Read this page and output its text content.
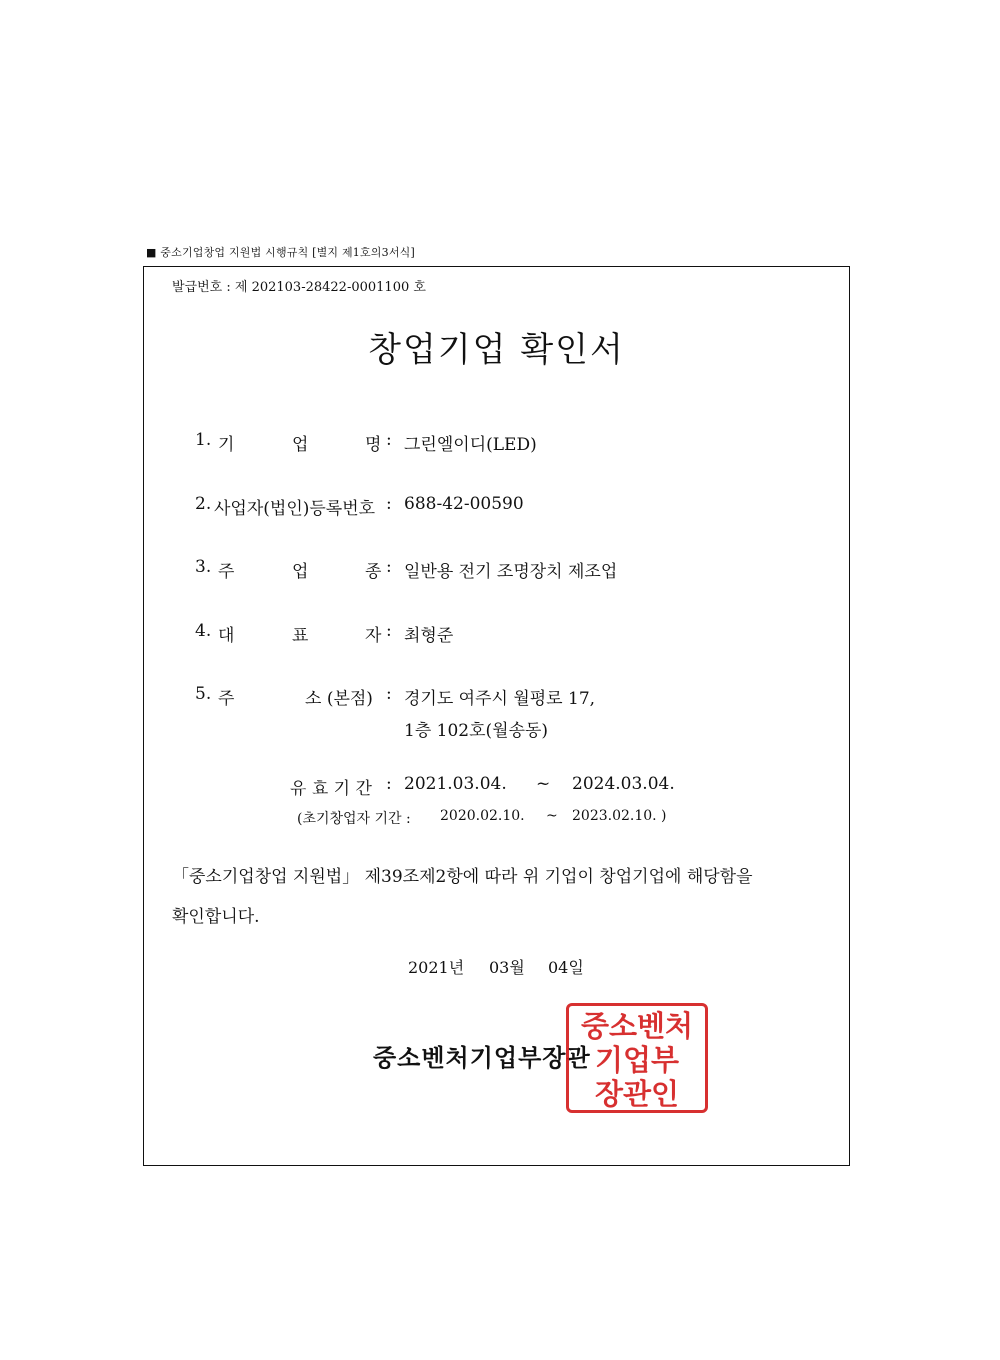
■ 중소기업창업 지원법 시행규칙 [별지 제1호의3서식]
발급번호 : 제 202103-28422-0001100 호
창업기업 확인서
1. 기	업	명 : 그린엘이디(LED)
2. 사업자(법인)등록번호 : 688-42-00590
3. 주	업	종 : 일반용 전기 조명장치 제조업
4. 대	표	자 : 최형준
5. 주	소 (본점) : 경기도 여주시 월평로 17,
1층 102호(월송동)
유 효 기 간 : 2021.03.04. ~ 2024.03.04.
(초기창업자 기간 : 2020.02.10. ~ 2023.02.10. )
「중소기업창업 지원법」 제39조제2항에 따라 위 기업이 창업기업에 해당함을
확인합니다.
2021년 03월 04일
중소벤처기업부장관
중소벤처
기업부
장관인
